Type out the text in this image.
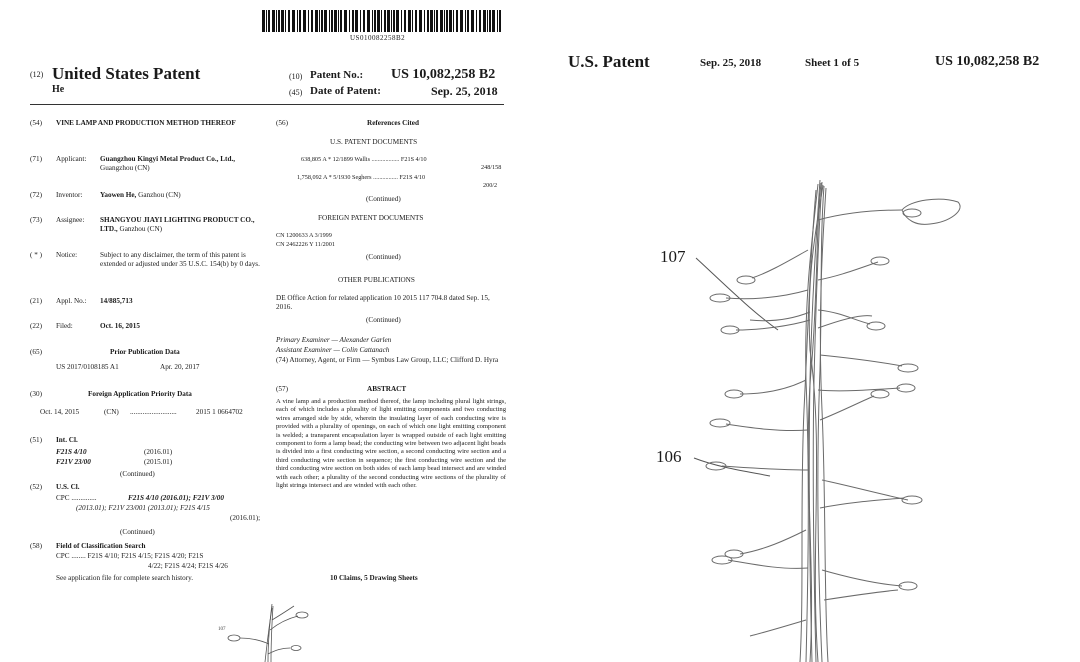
US010082258B2
(12) United States Patent
He
(10) Patent No.: US 10,082,258 B2
(45) Date of Patent:	Sep. 25, 2018
(54) VINE LAMP AND PRODUCTION METHOD THEREOF
(71) Applicant: Guangzhou Kingyi Metal Product Co., Ltd., Guangzhou (CN)
(72) Inventor: Yaowen He, Ganzhou (CN)
(73) Assignee: SHANGYOU JIAYI LIGHTING PRODUCT CO., LTD., Ganzhou (CN)
( * ) Notice:	Subject to any disclaimer, the term of this patent is extended or adjusted under 35 U.S.C. 154(b) by 0 days.
(21) Appl. No.: 14/885,713
(22) Filed:	Oct. 16, 2015
(65)	Prior Publication Data
US 2017/0108185 A1	Apr. 20, 2017
(30)	Foreign Application Priority Data
Oct. 14, 2015	(CN) ..........................	2015 1 0664702
(51) Int. Cl.
F21S 4/10	(2016.01)
F21V 23/00	(2015.01)
(Continued)
(52) U.S. Cl.
CPC ..............	F21S 4/10 (2016.01); F21V 3/00
(2013.01); F21V 23/001 (2013.01); F21S 4/15
(2016.01);
(Continued)
(58) Field of Classification Search
CPC ........ F21S 4/10; F21S 4/15; F21S 4/20; F21S
4/22; F21S 4/24; F21S 4/26
See application file for complete search history.
(56)	References Cited
U.S. PATENT DOCUMENTS
638,805 A * 12/1899 Wallis .................. F21S 4/10
248/158
1,758,092 A * 5/1930 Seghers ................ F21S 4/10
200/2
(Continued)
FOREIGN PATENT DOCUMENTS
CN 1200633 A 3/1999
CN 2462226 Y 11/2001
(Continued)
OTHER PUBLICATIONS
DE Office Action for related application 10 2015 117 704.8 dated Sep. 15, 2016.
(Continued)
Primary Examiner — Alexander Garlen
Assistant Examiner — Colin Cattanach
(74) Attorney, Agent, or Firm — Symbus Law Group, LLC; Clifford D. Hyra
(57)	ABSTRACT
A vine lamp and a production method thereof, the lamp including plural light strings, each of which includes a plurality of light emitting components and two conducting wires arranged side by side, wherein the insulating layer of each conducting wire is provided with a plurality of openings, on each of which one light emitting component is welded; a transparent encapsulation layer is wrapped outside of each light emitting component to form a lamp bead; the conducting wire between two adjacent light beads is divided into a first conducting wire section, a second conducting wire section and a third conducting wire section in sequence; the first conducting wire section and the third conducting wire section on both sides of each lamp bead intersect and are winded with each other; a plurality of the second conducting wire sections of the plurality of light strings intersect and are winded with each other.
10 Claims, 5 Drawing Sheets
107
U.S. Patent	Sep. 25, 2018	Sheet 1 of 5	US 10,082,258 B2
107
106
